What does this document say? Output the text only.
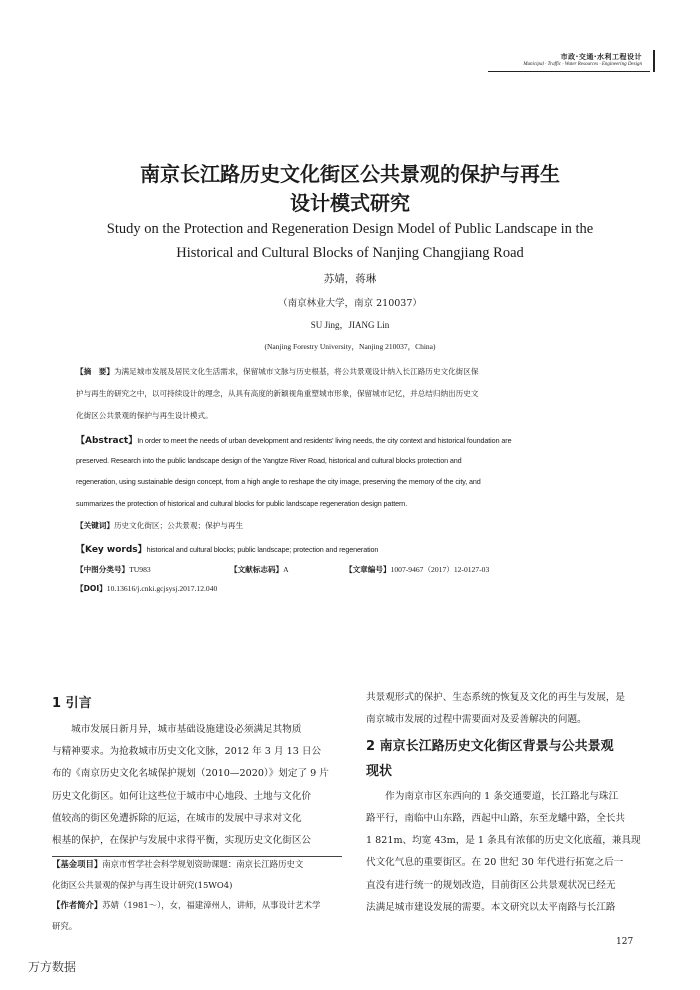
市政·交通·水利工程设计
Municipal · Traffic · Water Resources · Engineering Design
南京长江路历史文化街区公共景观的保护与再生
设计模式研究
Study on the Protection and Regeneration Design Model of Public Landscape in the
Historical and Cultural Blocks of Nanjing Changjiang Road
苏婧，蒋琳
（南京林业大学，南京 210037）
SU Jing，JIANG Lin
(Nanjing Forestry University，Nanjing 210037，China)
【摘　要】为满足城市发展及居民文化生活需求，保留城市文脉与历史根基，将公共景观设计纳入长江路历史文化街区保
护与再生的研究之中，以可持续设计的理念，从具有高度的新颖视角重塑城市形象，保留城市记忆，并总结归纳出历史文
化街区公共景观的保护与再生设计模式。
【Abstract】In order to meet the needs of urban development and residents' living needs, the city context and historical foundation are
preserved. Research into the public landscape design of the Yangtze River Road, historical and cultural blocks protection and
regeneration, using sustainable design concept, from a high angle to reshape the city image, preserving the memory of the city, and
summarizes the protection of historical and cultural blocks for public landscape regeneration design pattern.
【关键词】历史文化街区；公共景观；保护与再生
【Key words】historical and cultural blocks; public landscape; protection and regeneration
【中图分类号】TU983	【文献标志码】A	【文章编号】1007-9467（2017）12-0127-03
【DOI】10.13616/j.cnki.gcjsysj.2017.12.040
1 引言
　　城市发展日新月异，城市基础设施建设必须满足其物质
与精神要求。为抢救城市历史文化文脉，2012 年 3 月 13 日公
布的《南京历史文化名城保护规划（2010—2020）》划定了 9 片
历史文化街区。如何让这些位于城市中心地段、土地与文化价
值较高的街区免遭拆除的厄运，在城市的发展中寻求对文化
根基的保护，在保护与发展中求得平衡，实现历史文化街区公
【基金项目】南京市哲学社会科学规划资助课题：南京长江路历史文
化街区公共景观的保护与再生设计研究(15WO4)
【作者简介】苏婧（1981～），女，福建漳州人，讲师，从事设计艺术学
研究。
共景观形式的保护、生态系统的恢复及文化的再生与发展，是
南京城市发展的过程中需要面对及妥善解决的问题。
2 南京长江路历史文化街区背景与公共景观
现状
　　作为南京市区东西向的 1 条交通要道，长江路北与珠江
路平行，南临中山东路，西起中山路，东至龙蟠中路，全长共
1 821m、均宽 43m，是 1 条具有浓郁的历史文化底蕴，兼具现
代文化气息的重要街区。在 20 世纪 30 年代进行拓宽之后一
直没有进行统一的规划改造，目前街区公共景观状况已经无
法满足城市建设发展的需要。本文研究以太平南路与长江路
127
万方数据
